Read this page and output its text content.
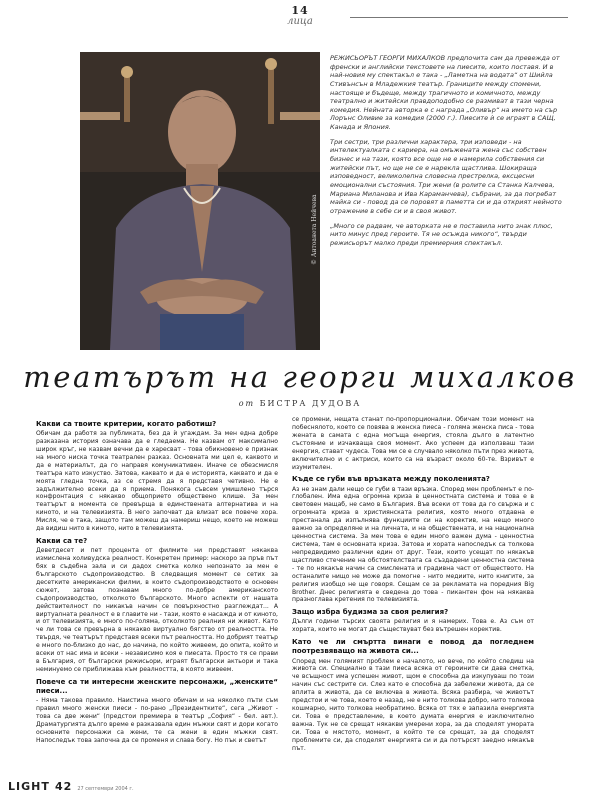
14
лица
© Антоанета Нейчева

РЕЖИСЬОРЪТ ГЕОРГИ МИХАЛКОВ предпочита сам да превежда от френски и английски текстовете на пиесите, които поставя. И в най-новия му спектакъл е така - „Ламетна на водата“ от Шийла Стивънсън в Младежкия театър. Границите между спомени, настояще и бъдеще, между трагичното и комичното, между театрално и житейски правдоподобно се размиват в тази черна комедия. Нейната авторка е с награда „Оливър“ на името на сър Лорънс Оливие за комедия (2000 г.). Пиесите ѝ се играят в САЩ, Канада и Япония.

Три сестри, три различни характера, три изповеди - на интелектуалката с кариера, на омъжената жена със собствен бизнес и на тази, която все още не е намерила собствения си житейски път, но ще не се е нарекла щастлива. Шокираща изповедност, великолепна словесна престрелка, ексцесни емоционални състояния. Три жени (в ролите са Станка Калчева, Мариана Миланова и Ива Караманчева), събрани, за да погребат майка си - повод да се поровят в паметта си и да открият нейното отражение в себе си и в своя живот.

„Много се радвам, че авторката не е поставила нито знак плюс, нито минус пред героите. Тя не осъжда никого“, твърди режисьорът малко преди премиерния спектакъл.

театърът на георги михалков
от БИСТРА ДУДОВА
Какви са твоите критерии, когато работиш?

Обичам да работя за публиката, без да ѝ угаждам. За мен една добре разказана история означава да е гледаема. Не казвам от максимално широк кръг, не казвам вечни да е харесват - това обикновено е признак на много ниска точка театрален разказ. Основната ми цел е, каквото и да е материалът, да го направя комуникативен. Иначе се обезсмисля театъра като изкуство. Затова, каквато и да е историята, каквато и да е моята гледна точка, аз се стремя да я предстaвя четивно. Не е задължително всеки да я приема. Понякога съвсем умишлено търся конфронтация с някакво общоприето обществено клише. За мен театърът в момента се превърща в единствената алтернатива и на киното, и на телевизията. В него започват да влизат все повече хора. Мисля, че е така, защото там можеш да намериш нещо, което не можеш да видиш нито в киното, нито в телевизията.

Какви са те?

Деветдесет и пет процента от филмите ни представят някаква измислена холивудска реалност. Конкретен пример: наскоро за пръв път бях в съдебна зала и си дадох сметка колко непознато за мен е българското съдопроизводство. В следващия момент се сетих за десетките американски филми, в които съдопроизводството е основен сюжет, затова познавам много по-добре американското съдопроизводство, отколкото българското. Много аспекти от нашата действителност по никакъв начин се повърхностно разглеждат... А виртуалната реалност е в главите ни - тази, която е насажда и от киното, и от телевизията, е много по-голяма, отколкото реалния ни живот. Като че ли това се превърна в някакво виртуално бягство от реалността. Не твърдя, че театърът представя всеки път реалността. Но добрият театър е много по-близко до нас, до начина, по който живеем, до опита, който и всеки от нас има и всеки - независимо коя е пиесата. Просто тя се прави в България, от български режисьори, играят български актьори и така неминуемо се приближава към реалността, в която живеем.

Повече са ти интересни женските персонажи, „женските“ пиеси...

- Няма такова правило. Наистина много обичам и на няколко пъти съм правил много женски пиеси - по-рано „Президентките“, сега „Живот - това са две жени“ (предстои премиера в театър „София“ - бел. авт.). Драматургията дълго време е разказвала един мъжки свят и дори когато основните персонажи са жени, те са жени в един мъжки свят. Напоследък това започна да се променя и слава богу. Но пък и светът

се промени, нещата станат по-пропорционални. Обичам този момент на побеснялото, което се повява в женска пиеса - голяма женска писa - това жената в самата с една могъща енергия, стояла дълго в латентно състояние и изчакваща своя момент. Ако успеем да използваш тази енергия, ставaт чудеса. Това ми се е случвало няколко пъти през живота, включително и с актриси, които са на възраст около 60-те. Взривът е изумителен.

Къде се губи във връзката между поколенията?

Аз не знам дали нещо се губи в тази връзка. Според мен проблемът е по-глобален. Има една огромна криза в ценностната система и това е в световен мащаб, не само в България. Във всеки от това да го свържа и с огромната криза в християнската религия, която много отдавна е престанала да изпълнява функциите си на коректив, на нещо много важно за определяне и на личната, и на обществената, и на национална ценностна система. За мен това е един много важен дума - ценностна система, там е основната криза. Затова и хората напоследък са толкова непредвидимо различни един от друг. Тези, които усещат по някакъв щастливо стечение на обстоятелствата са създадени ценностна система - те по някакъв начин са смислената и градивна част от обществото. На останалите нищо не може да помогне - нито медиите, нито книгите, за религия изобщо не ще говоря. Сещам се за рекламата на поредния Big Brother. Днес религията е сведена до това - пикантен фон на някаква празноглава кретения по телевизията.

Защо избра будизма за своя религия?

Дълги години търсих своята религия и я намерих. Това е. Аз съм от хората, които не могат да съществуват без вътрешен коректив.

Като че ли смъртта винаги е повод да погледнем поотрезвяващо на живота си...

Според мен голямият проблем е началото, но вече, по който следиш на живота си. Специално в тази пиеса всяка от героините си дава сметка, че всъщност има успешен живот, щом е способна да изкупуваш по този начин със сестрите си. Слез като е способна да забележи живота, да се вплита в живота, да се включва в живота. Всяка разбира, че животът предстои и че това, което е назад, не е нито толкова добро, нито толкова кошмарно, нито толкова необратимо. Всяка от тях е запазила енергията си. Това е представление, в което думата енергия е изключително важна. Тук не се срещат някакви умерени хора, за да споделят умората си. Това е мястото, момент, в който те се срещат, за да споделят проблемите си, да споделят енергията си и да потърсят заедно някакъв път.

LIGHT 42 27 септември 2004 г.
